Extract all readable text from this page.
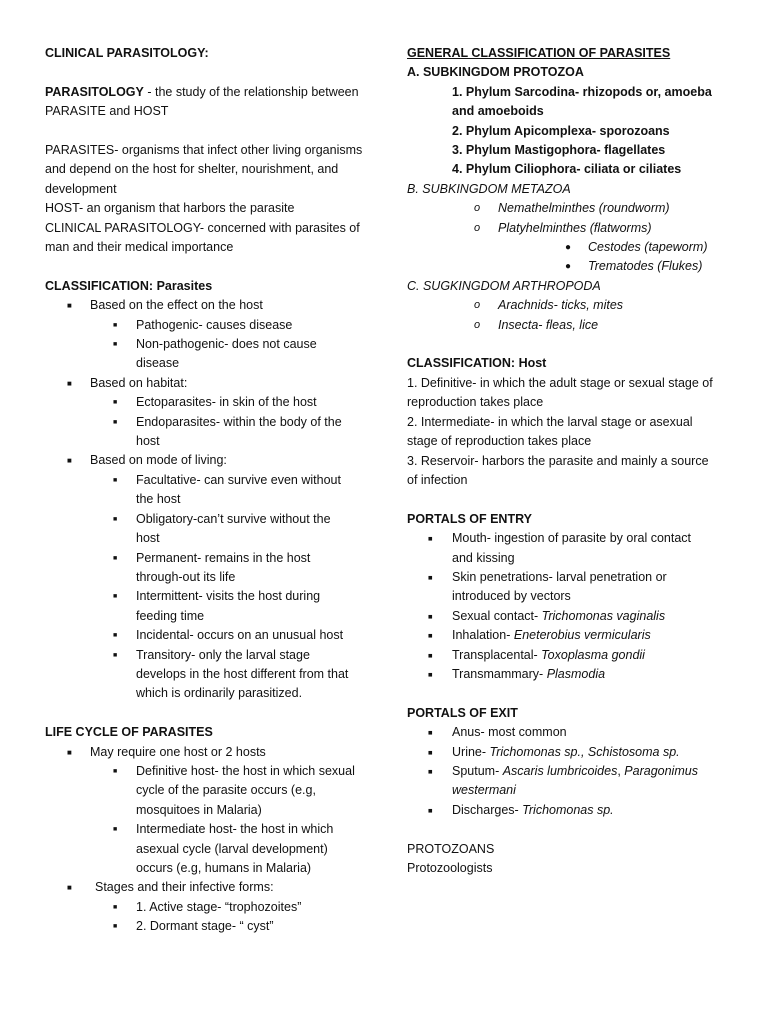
CLINICAL PARASITOLOGY:
PARASITOLOGY - the study of the relationship between
PARASITE and HOST
PARASITES- organisms that infect other living organisms
and depend on the host for shelter, nourishment, and
development
HOST- an organism that harbors the parasite
CLINICAL PARASITOLOGY- concerned with parasites of
man and their medical importance
CLASSIFICATION: Parasites
■ Based on the effect on the host
■ Pathogenic- causes disease
■ Non-pathogenic- does not cause
disease
■ Based on habitat:
■ Ectoparasites- in skin of the host
■ Endoparasites- within the body of the
host
■ Based on mode of living:
■ Facultative- can survive even without
the host
■ Obligatory-can’t survive without the
host
■ Permanent- remains in the host
through-out its life
■ Intermittent- visits the host during
feeding time
■ Incidental- occurs on an unusual host
■ Transitory- only the larval stage
develops in the host different from that
which is ordinarily parasitized.
LIFE CYCLE OF PARASITES
■ May require one host or 2 hosts
■ Definitive host- the host in which sexual
cycle of the parasite occurs (e.g,
mosquitoes in Malaria)
■ Intermediate host- the host in which
asexual cycle (larval development)
occurs (e.g, humans in Malaria)
■ Stages and their infective forms:
■ 1. Active stage- “trophozoites”
■ 2. Dormant stage- “ cyst”
GENERAL CLASSIFICATION OF PARASITES
A. SUBKINGDOM PROTOZOA
1. Phylum Sarcodina- rhizopods or, amoeba
and amoeboids
2. Phylum Apicomplexa- sporozoans
3. Phylum Mastigophora- flagellates
4. Phylum Ciliophora- ciliata or ciliates
B. SUBKINGDOM METAZOA
o Nemathelminthes (roundworm)
o Platyhelminthes (flatworms)
● Cestodes (tapeworm)
● Trematodes (Flukes)
C. SUGKINGDOM ARTHROPODA
o Arachnids- ticks, mites
o Insecta- fleas, lice
CLASSIFICATION: Host
1. Definitive- in which the adult stage or sexual stage of
reproduction takes place
2. Intermediate- in which the larval stage or asexual
stage of reproduction takes place
3. Reservoir- harbors the parasite and mainly a source
of infection
PORTALS OF ENTRY
■ Mouth- ingestion of parasite by oral contact
and kissing
■ Skin penetrations- larval penetration or
introduced by vectors
■ Sexual contact- Trichomonas vaginalis
■ Inhalation- Eneterobius vermicularis
■ Transplacental- Toxoplasma gondii
■ Transmammary- Plasmodia
PORTALS OF EXIT
■ Anus- most common
■ Urine- Trichomonas sp., Schistosoma sp.
■ Sputum- Ascaris lumbricoides, Paragonimus
westermani
■ Discharges- Trichomonas sp.
PROTOZOANS
Protozoologists
